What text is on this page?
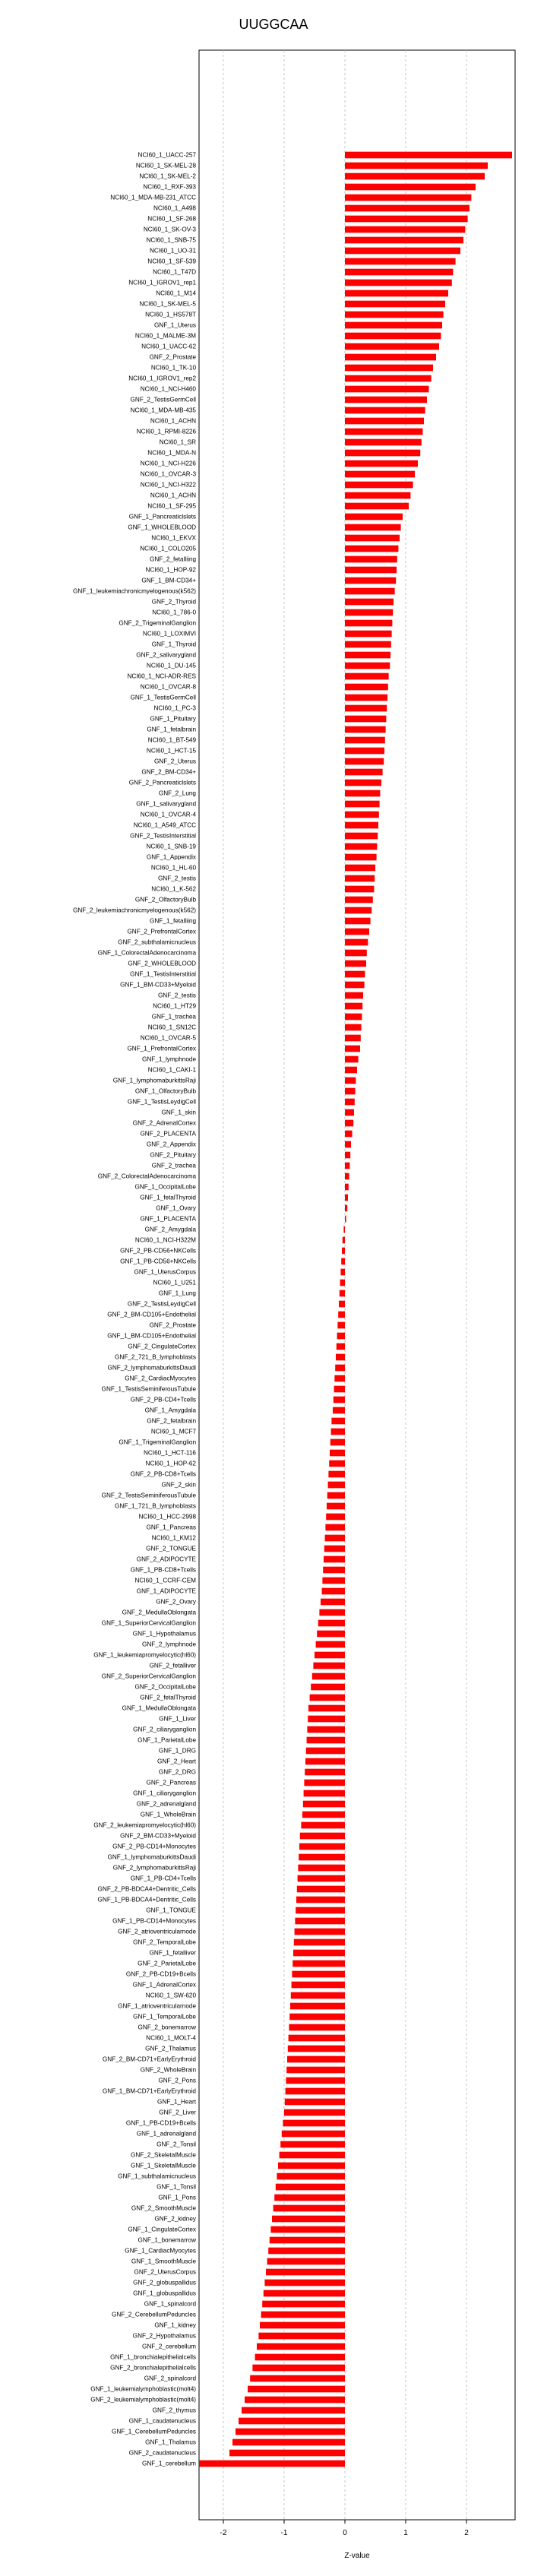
UUGGCAA
NCI60_1_UACC-257
NCI60_1_SK-MEL-28
NCI60_1_SK-MEL-2
NCI60_1_RXF-393
NCI60_1_MDA-MB-231_ATCC
NCI60_1_A498
NCI60_1_SF-268
NCI60_1_SK-OV-3
NCI60_1_SNB-75
NCI60_1_UO-31
NCI60_1_SF-539
NCI60_1_T47D
NCI60_1_IGROV1_rep1
NCI60_1_M14
NCI60_1_SK-MEL-5
NCI60_1_HS578T
GNF_1_Uterus
NCI60_1_MALME-3M
NCI60_1_UACC-62
GNF_2_Prostate
NCI60_1_TK-10
NCI60_1_IGROV1_rep2
NCI60_1_NCI-H460
GNF_2_TestisGermCell
NCI60_1_MDA-MB-435
NCI60_1_ACHN
NCI60_1_RPMI-8226
NCI60_1_SR
NCI60_1_MDA-N
NCI60_1_NCI-H226
NCI60_1_OVCAR-3
NCI60_1_NCI-H322
NCI60_1_ACHN
NCI60_1_SF-295
GNF_1_Pancreaticlslets
GNF_1_WHOLEBLOOD
NCI60_1_EKVX
NCI60_1_COLO205
GNF_2_fetalliing
NCI60_1_HOP-92
GNF_1_BM-CD34+
GNF_1_leukemiachronicmyelogenous(k562)
GNF_2_Thyroid
NCI60_1_786-0
GNF_2_TrigeminalGanglion
NCI60_1_LOXIMVI
GNF_1_Thyroid
GNF_2_salivarygland
NCI60_1_DU-145
NCI60_1_NCI-ADR-RES
NCI60_1_OVCAR-8
GNF_1_TestisGermCell
NCI60_1_PC-3
GNF_1_Pituitary
GNF_1_fetalbrain
NCI60_1_BT-549
NCI60_1_HCT-15
GNF_2_Uterus
GNF_2_BM-CD34+
GNF_2_Pancreaticlslets
GNF_2_Lung
GNF_1_salivarygland
NCI60_1_OVCAR-4
NCI60_1_A549_ATCC
GNF_2_TestisInterstitial
NCI60_1_SNB-19
GNF_1_Appendix
NCI60_1_HL-60
GNF_2_testis
NCI60_1_K-562
GNF_2_OlfactoryBulb
GNF_2_leukemiachronicmyelogenous(k562)
GNF_1_fetalliing
GNF_2_PrefrontalCortex
GNF_2_subthalamicnucleus
GNF_1_ColorectalAdenocarcinoma
GNF_2_WHOLEBLOOD
GNF_1_TestisInterstitial
GNF_1_BM-CD33+Myeloid
GNF_2_testis
NCI60_1_HT29
GNF_1_trachea
NCI60_1_SN12C
NCI60_1_OVCAR-5
GNF_1_PrefrontalCortex
GNF_1_lymphnode
NCI60_1_CAKI-1
GNF_1_lymphomaburkittsRaji
GNF_1_OlfactoryBulb
GNF_1_TestisLeydigCell
GNF_1_skin
GNF_2_AdrenalCortex
GNF_2_PLACENTA
GNF_2_Appendix
GNF_2_Pituitary
GNF_2_trachea
GNF_2_ColorectalAdenocarcinoma
GNF_1_OccipitalLobe
GNF_1_fetalThyroid
GNF_1_Ovary
GNF_1_PLACENTA
GNF_2_Amygdala
NCI60_1_NCI-H322M
GNF_2_PB-CD56+NKCells
GNF_1_PB-CD56+NKCells
GNF_1_UterusCorpus
NCI60_1_U251
GNF_1_Lung
GNF_2_TestisLeydigCell
GNF_2_BM-CD105+Endothelial
GNF_2_Prostate
GNF_1_BM-CD105+Endothelial
GNF_2_CingulateCortex
GNF_2_721_B_lymphoblasts
GNF_2_lymphomaburkittsDaudi
GNF_2_CardiacMyocytes
GNF_1_TestisSeminiferousTubule
GNF_2_PB-CD4+Tcells
GNF_1_Amygdala
GNF_2_fetalbrain
NCI60_1_MCF7
GNF_1_TrigeminalGanglion
NCI60_1_HCT-116
NCI60_1_HOP-62
GNF_2_PB-CD8+Tcells
GNF_2_skin
GNF_2_TestisSeminiferousTubule
GNF_1_721_B_lymphoblasts
NCI60_1_HCC-2998
GNF_1_Pancreas
NCI60_1_KM12
GNF_2_TONGUE
GNF_2_ADIPOCYTE
GNF_1_PB-CD8+Tcells
NCI60_1_CCRF-CEM
GNF_1_ADIPOCYTE
GNF_2_Ovary
GNF_2_MedullaOblongata
GNF_1_SuperiorCervicalGanglion
GNF_1_Hypothalamus
GNF_2_lymphnode
GNF_1_leukemiapromyelocytic(hl60)
GNF_2_fetalliver
GNF_2_SuperiorCervicalGanglion
GNF_2_OccipitalLobe
GNF_2_fetalThyroid
GNF_1_MedullaOblongata
GNF_1_Liver
GNF_2_ciliaryganglion
GNF_1_ParietalLobe
GNF_1_DRG
GNF_2_Heart
GNF_2_DRG
GNF_2_Pancreas
GNF_1_ciliaryganglion
GNF_2_adrenalgland
GNF_1_WholeBrain
GNF_2_leukemiapromyelocytic(hl60)
GNF_2_BM-CD33+Myeloid
GNF_2_PB-CD14+Monocytes
GNF_1_lymphomaburkittsDaudi
GNF_2_lymphomaburkittsRaji
GNF_1_PB-CD4+Tcells
GNF_2_PB-BDCA4+Dentritic_Cells
GNF_1_PB-BDCA4+Dentritic_Cells
GNF_1_TONGUE
GNF_1_PB-CD14+Monocytes
GNF_2_atrioventricularnode
GNF_2_TemporalLobe
GNF_1_fetalliver
GNF_2_ParietalLobe
GNF_2_PB-CD19+Bcells
GNF_1_AdrenalCortex
NCI60_1_SW-620
GNF_1_atrioventricularnode
GNF_1_TemporalLobe
GNF_2_bonemarrow
NCI60_1_MOLT-4
GNF_2_Thalamus
GNF_2_BM-CD71+EarlyErythroid
GNF_2_WholeBrain
GNF_2_Pons
GNF_1_BM-CD71+EarlyErythroid
GNF_1_Heart
GNF_2_Liver
GNF_1_PB-CD19+Bcells
GNF_1_adrenalgland
GNF_2_Tonsil
GNF_2_SkeletalMuscle
GNF_1_SkeletalMuscle
GNF_1_subthalamicnucleus
GNF_1_Tonsil
GNF_1_Pons
GNF_2_SmoothMuscle
GNF_2_kidney
GNF_1_CingulateCortex
GNF_1_bonemarrow
GNF_1_CardiacMyocytes
GNF_1_SmoothMuscle
GNF_2_UterusCorpus
GNF_2_globuspallidus
GNF_1_globuspallidus
GNF_1_spinalcord
GNF_2_CerebellumPeduncles
GNF_1_kidney
GNF_2_Hypothalamus
GNF_2_cerebellum
GNF_1_bronchialepithelialcells
GNF_2_bronchialepithelialcells
GNF_2_spinalcord
GNF_1_leukemialymphoblastic(molt4)
GNF_2_leukemialymphoblastic(molt4)
GNF_2_thymus
GNF_1_caudatenucleus
GNF_1_CerebellumPeduncles
GNF_1_Thalamus
GNF_2_caudatenucleus
GNF_1_cerebellum
-2	-1	0	1	2
Z-value
